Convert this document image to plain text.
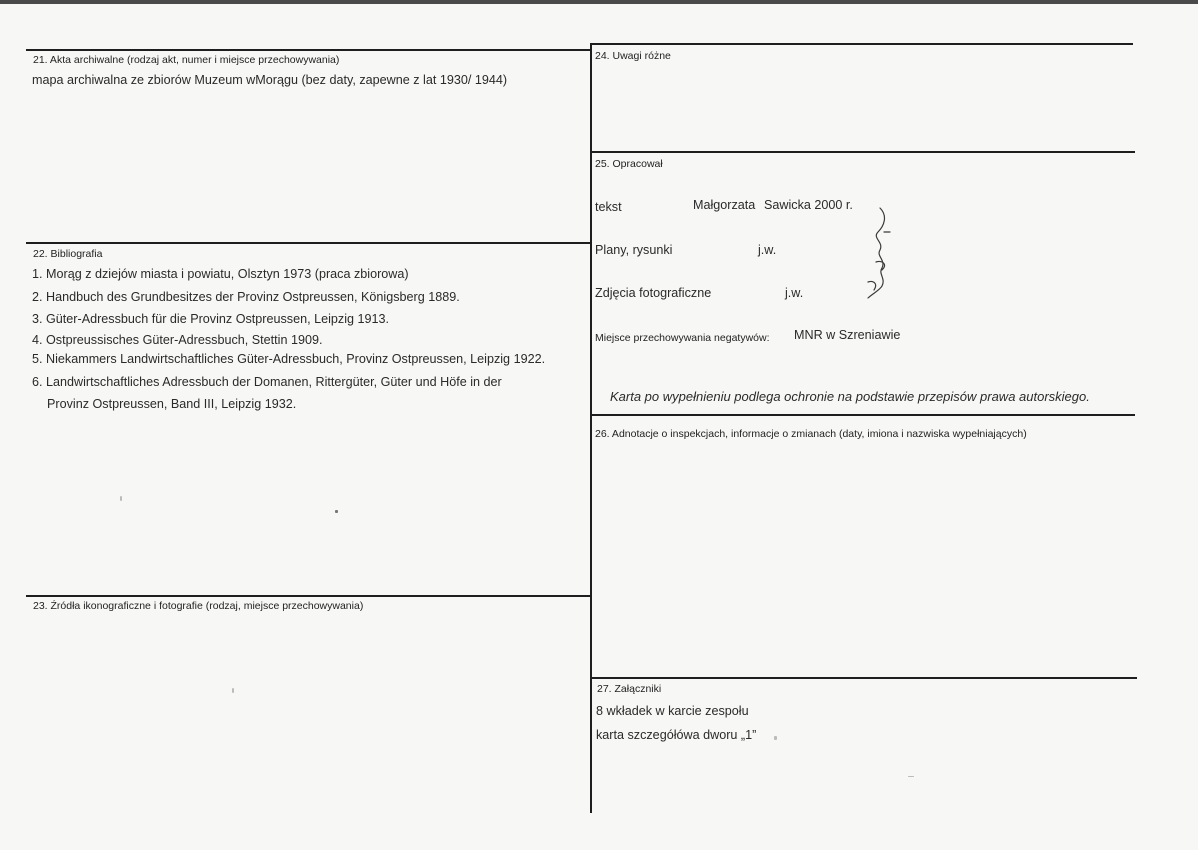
21. Akta archiwalne (rodzaj akt, numer i miejsce przechowywania)
mapa archiwalna ze zbiorów Muzeum wMorągu (bez daty, zapewne z lat 1930/ 1944)
22. Bibliografia
1. Morąg z dziejów miasta i powiatu, Olsztyn 1973 (praca zbiorowa)
2. Handbuch des Grundbesitzes der Provinz Ostpreussen, Königsberg 1889.
3. Güter-Adressbuch für die Provinz Ostpreussen, Leipzig 1913.
4. Ostpreussisches Güter-Adressbuch, Stettin 1909.
5. Niekammers Landwirtschaftliches Güter-Adressbuch, Provinz Ostpreussen, Leipzig 1922.
6. Landwirtschaftliches Adressbuch der Domanen, Rittergüter, Güter und Höfe in der
Provinz Ostpreussen, Band III, Leipzig 1932.
23. Źródła ikonograficzne i fotografie (rodzaj, miejsce przechowywania)
24. Uwagi różne
25. Opracował
tekst	Małgorzata Sawicka 2000 r.
Plany, rysunki	j.w.
Zdjęcia fotograficzne	j.w.
Miejsce przechowywania negatywów: MNR w Szreniawie
Karta po wypełnieniu podlega ochronie na podstawie przepisów prawa autorskiego.
26. Adnotacje o inspekcjach, informacje o zmianach (daty, imiona i nazwiska wypełniających)
27. Załączniki
8 wkładek w karcie zespołu
karta szczegółówa dworu „1”
